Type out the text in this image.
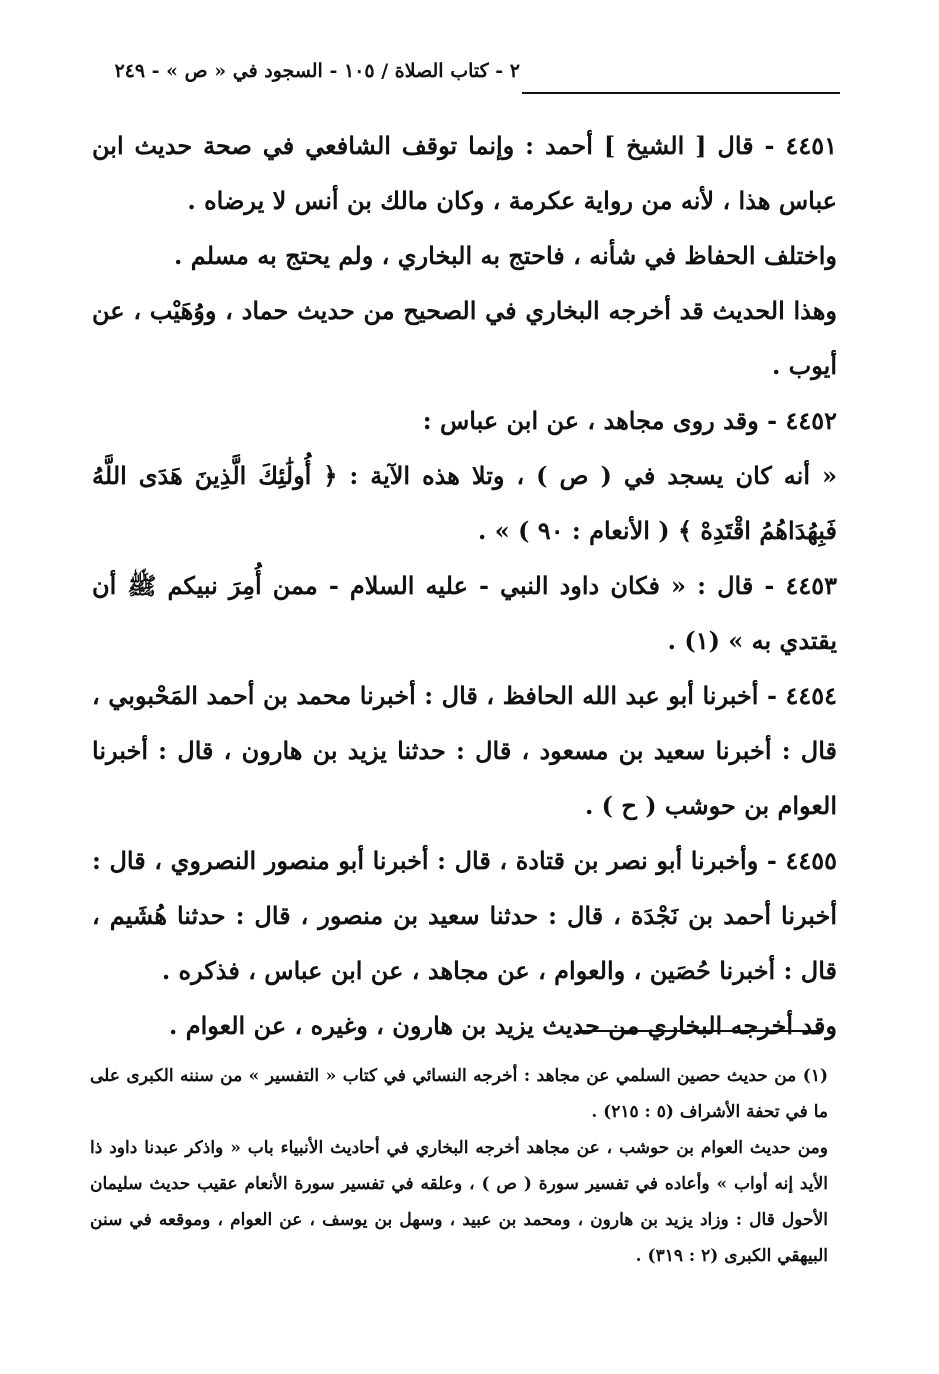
٢ - كتاب الصلاة / ١٠٥ - السجود في « ص » - ٢٤٩

٤٤٥١ - قال [ الشيخ ] أحمد : وإنما توقف الشافعي في صحة حديث ابن عباس هذا ، لأنه من رواية عكرمة ، وكان مالك بن أنس لا يرضاه .

واختلف الحفاظ في شأنه ، فاحتج به البخاري ، ولم يحتج به مسلم .

وهذا الحديث قد أخرجه البخاري في الصحيح من حديث حماد ، ووُهَيْب ، عن أيوب .

٤٤٥٢ - وقد روى مجاهد ، عن ابن عباس :

« أنه كان يسجد في ( ص ) ، وتلا هذه الآية : ﴿ أُولَٰئِكَ الَّذِينَ هَدَى اللَّهُ فَبِهُدَاهُمُ اقْتَدِهْ ﴾ ( الأنعام : ٩٠ ) » .

٤٤٥٣ - قال : « فكان داود النبي - عليه السلام - ممن أُمِرَ نبيكم ﷺ أن يقتدي به » (١) .

٤٤٥٤ - أخبرنا أبو عبد الله الحافظ ، قال : أخبرنا محمد بن أحمد المَحْبوبي ، قال : أخبرنا سعيد بن مسعود ، قال : حدثنا يزيد بن هارون ، قال : أخبرنا العوام بن حوشب ( ح ) .

٤٤٥٥ - وأخبرنا أبو نصر بن قتادة ، قال : أخبرنا أبو منصور النصروي ، قال : أخبرنا أحمد بن نَجْدَة ، قال : حدثنا سعيد بن منصور ، قال : حدثنا هُشَيم ، قال : أخبرنا حُصَين ، والعوام ، عن مجاهد ، عن ابن عباس ، فذكره .

وقد أخرجه البخاري من حديث يزيد بن هارون ، وغيره ، عن العوام .

(١) من حديث حصين السلمي عن مجاهد : أخرجه النسائي في كتاب « التفسير » من سننه الكبرى على ما في تحفة الأشراف (٥ : ٢١٥) .

ومن حديث العوام بن حوشب ، عن مجاهد أخرجه البخاري في أحاديث الأنبياء باب « واذكر عبدنا داود ذا الأيد إنه أواب » وأعاده في تفسير سورة ( ص ) ، وعلقه في تفسير سورة الأنعام عقيب حديث سليمان الأحول قال : وزاد يزيد بن هارون ، ومحمد بن عبيد ، وسهل بن يوسف ، عن العوام ، وموقعه في سنن البيهقي الكبرى (٢ : ٣١٩) .
